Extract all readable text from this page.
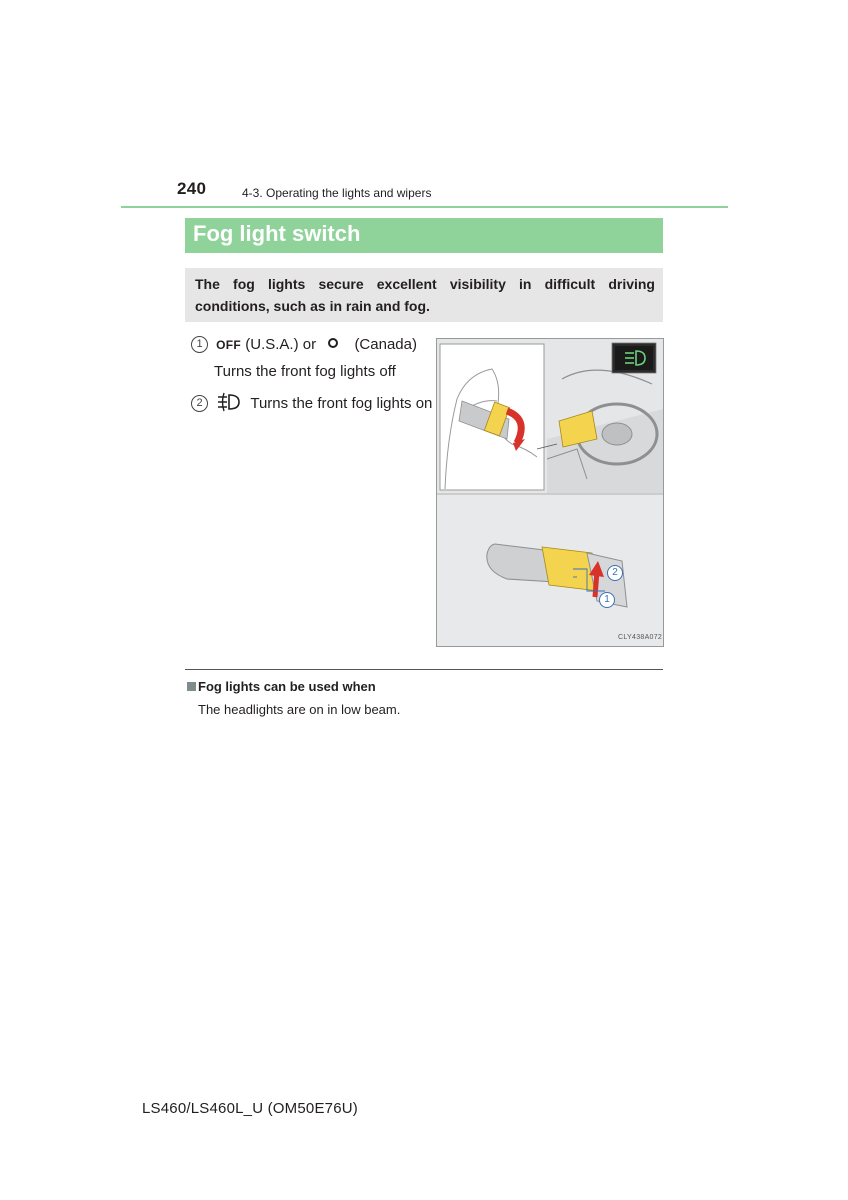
240	4-3. Operating the lights and wipers
Fog light switch
The fog lights secure excellent visibility in difficult driving conditions, such as in rain and fog.
1 OFF (U.S.A.) or	(Canada)
Turns the front fog lights off
2	Turns the front fog lights on
2
1
CLY438A072
Fog lights can be used when
The headlights are on in low beam.
LS460/LS460L_U (OM50E76U)
